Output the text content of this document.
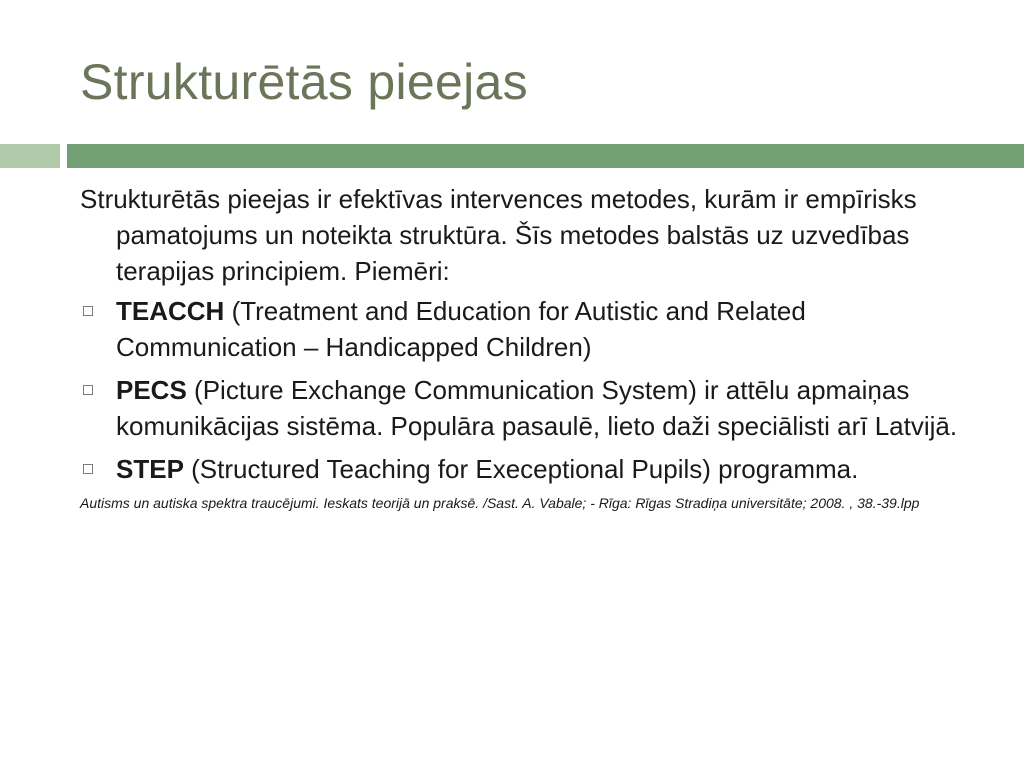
Strukturētās pieejas

Strukturētās pieejas ir efektīvas intervences metodes, kurām ir empīrisks pamatojums un noteikta struktūra. Šīs metodes balstās uz uzvedības terapijas principiem. Piemēri:

TEACCH (Treatment and Education for Autistic and Related Communication – Handicapped Children)
PECS (Picture Exchange Communication System) ir attēlu apmaiņas komunikācijas sistēma. Populāra pasaulē, lieto daži speciālisti arī Latvijā.
STEP (Structured Teaching for Execeptional Pupils) programma.
Autisms un autiska spektra traucējumi. Ieskats teorijā un praksē. /Sast. A. Vabale; - Rīga: Rīgas Stradiņa universitāte; 2008. , 38.-39.lpp
